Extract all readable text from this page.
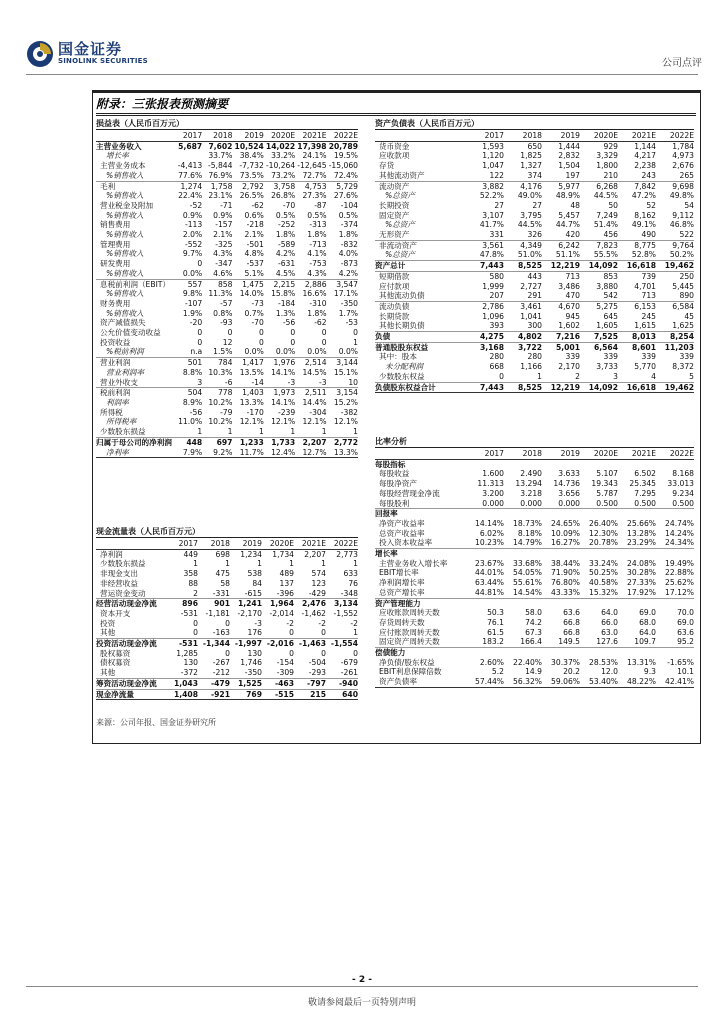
国金证券
SINOLINK SECURITIES	公司点评
附录：三张报表预测摘要
损益表（人民币百万元）
	2017	2018	2019	2020E	2021E	2022E
主营业务收入	5,687	7,602	10,524	14,022	17,398	20,789
增长率		33.7%	38.4%	33.2%	24.1%	19.5%
主营业务成本	-4,413	-5,844	-7,732	-10,264	-12,645	-15,060
%销售收入	77.6%	76.9%	73.5%	73.2%	72.7%	72.4%
毛利	1,274	1,758	2,792	3,758	4,753	5,729
%销售收入	22.4%	23.1%	26.5%	26.8%	27.3%	27.6%
营业税金及附加	-52	-71	-62	-70	-87	-104
%销售收入	0.9%	0.9%	0.6%	0.5%	0.5%	0.5%
销售费用	-113	-157	-218	-252	-313	-374
%销售收入	2.0%	2.1%	2.1%	1.8%	1.8%	1.8%
管理费用	-552	-325	-501	-589	-713	-832
%销售收入	9.7%	4.3%	4.8%	4.2%	4.1%	4.0%
研发费用	0	-347	-537	-631	-753	-873
%销售收入	0.0%	4.6%	5.1%	4.5%	4.3%	4.2%
息税前利润（EBIT）	557	858	1,475	2,215	2,886	3,547
%销售收入	9.8%	11.3%	14.0%	15.8%	16.6%	17.1%
财务费用	-107	-57	-73	-184	-310	-350
%销售收入	1.9%	0.8%	0.7%	1.3%	1.8%	1.7%
资产减值损失	-20	-93	-70	-56	-62	-53
公允价值变动收益	0	0	0	0	0	0
投资收益	0	12	0	0	0	1
%税前利润	n.a	1.5%	0.0%	0.0%	0.0%	0.0%
营业利润	501	784	1,417	1,976	2,514	3,144
营业利润率	8.8%	10.3%	13.5%	14.1%	14.5%	15.1%
营业外收支	3	-6	-14	-3	-3	10
税前利润	504	778	1,403	1,973	2,511	3,154
利润率	8.9%	10.2%	13.3%	14.1%	14.4%	15.2%
所得税	-56	-79	-170	-239	-304	-382
所得税率	11.0%	10.2%	12.1%	12.1%	12.1%	12.1%
少数股东损益	1	1	1	1	1	1
归属于母公司的净利润	448	697	1,233	1,733	2,207	2,772
净利率	7.9%	9.2%	11.7%	12.4%	12.7%	13.3%
现金流量表（人民币百万元）
	2017	2018	2019	2020E	2021E	2022E
净利润	449	698	1,234	1,734	2,207	2,773
少数股东损益	1	1	1	1	1	1
非现金支出	358	475	538	489	574	633
非经营收益	88	58	84	137	123	76
营运资金变动	2	-331	-615	-396	-429	-348
经营活动现金净流	896	901	1,241	1,964	2,476	3,134
资本开支	-531	-1,181	-2,170	-2,014	-1,462	-1,552
投资	0	0	-3	-2	-2	-2
其他	0	-163	176	0	0	1
投资活动现金净流	-531	-1,344	-1,997	-2,016	-1,463	-1,554
股权募资	1,285	0	130	0	0	0
债权募资	130	-267	1,746	-154	-504	-679
其他	-372	-212	-350	-309	-293	-261
筹资活动现金净流	1,043	-479	1,525	-463	-797	-940
现金净流量	1,408	-921	769	-515	215	640
资产负债表（人民币百万元）
	2017	2018	2019	2020E	2021E	2022E
货币资金	1,593	650	1,444	929	1,144	1,784
应收款项	1,120	1,825	2,832	3,329	4,217	4,973
存货	1,047	1,327	1,504	1,800	2,238	2,676
其他流动资产	122	374	197	210	243	265
流动资产	3,882	4,176	5,977	6,268	7,842	9,698
%总资产	52.2%	49.0%	48.9%	44.5%	47.2%	49.8%
长期投资	27	27	48	50	52	54
固定资产	3,107	3,795	5,457	7,249	8,162	9,112
%总资产	41.7%	44.5%	44.7%	51.4%	49.1%	46.8%
无形资产	331	326	420	456	490	522
非流动资产	3,561	4,349	6,242	7,823	8,775	9,764
%总资产	47.8%	51.0%	51.1%	55.5%	52.8%	50.2%
资产总计	7,443	8,525	12,219	14,092	16,618	19,462
短期借款	580	443	713	853	739	250
应付款项	1,999	2,727	3,486	3,880	4,701	5,445
其他流动负债	207	291	470	542	713	890
流动负债	2,786	3,461	4,670	5,275	6,153	6,584
长期贷款	1,096	1,041	945	645	245	45
其他长期负债	393	300	1,602	1,605	1,615	1,625
负债	4,275	4,802	7,216	7,525	8,013	8,254
普通股股东权益	3,168	3,722	5,001	6,564	8,601	11,203
其中：股本	280	280	339	339	339	339
未分配利润	668	1,166	2,170	3,733	5,770	8,372
少数股东权益	0	1	2	3	4	5
负债股东权益合计	7,443	8,525	12,219	14,092	16,618	19,462
比率分析
	2017	2018	2019	2020E	2021E	2022E
每股指标						
每股收益	1.600	2.490	3.633	5.107	6.502	8.168
每股净资产	11.313	13.294	14.736	19.343	25.345	33.013
每股经营现金净流	3.200	3.218	3.656	5.787	7.295	9.234
每股股利	0.000	0.000	0.000	0.500	0.500	0.500
回报率						
净资产收益率	14.14%	18.73%	24.65%	26.40%	25.66%	24.74%
总资产收益率	6.02%	8.18%	10.09%	12.30%	13.28%	14.24%
投入资本收益率	10.23%	14.79%	16.27%	20.78%	23.29%	24.34%
增长率						
主营业务收入增长率	23.67%	33.68%	38.44%	33.24%	24.08%	19.49%
EBIT增长率	44.01%	54.05%	71.90%	50.25%	30.28%	22.88%
净利润增长率	63.44%	55.61%	76.80%	40.58%	27.33%	25.62%
总资产增长率	44.81%	14.54%	43.33%	15.32%	17.92%	17.12%
资产管理能力						
应收账款周转天数	50.3	58.0	63.6	64.0	69.0	70.0
存货周转天数	76.1	74.2	66.8	66.0	68.0	69.0
应付账款周转天数	61.5	67.3	66.8	63.0	64.0	63.6
固定资产周转天数	183.2	166.4	149.5	127.6	109.7	95.2
偿债能力						
净负债/股东权益	2.60%	22.40%	30.37%	28.53%	13.31%	-1.65%
EBIT利息保障倍数	5.2	14.9	20.2	12.0	9.3	10.1
资产负债率	57.44%	56.32%	59.06%	53.40%	48.22%	42.41%
来源：公司年报、国金证券研究所
- 2 -
敬请参阅最后一页特别声明
